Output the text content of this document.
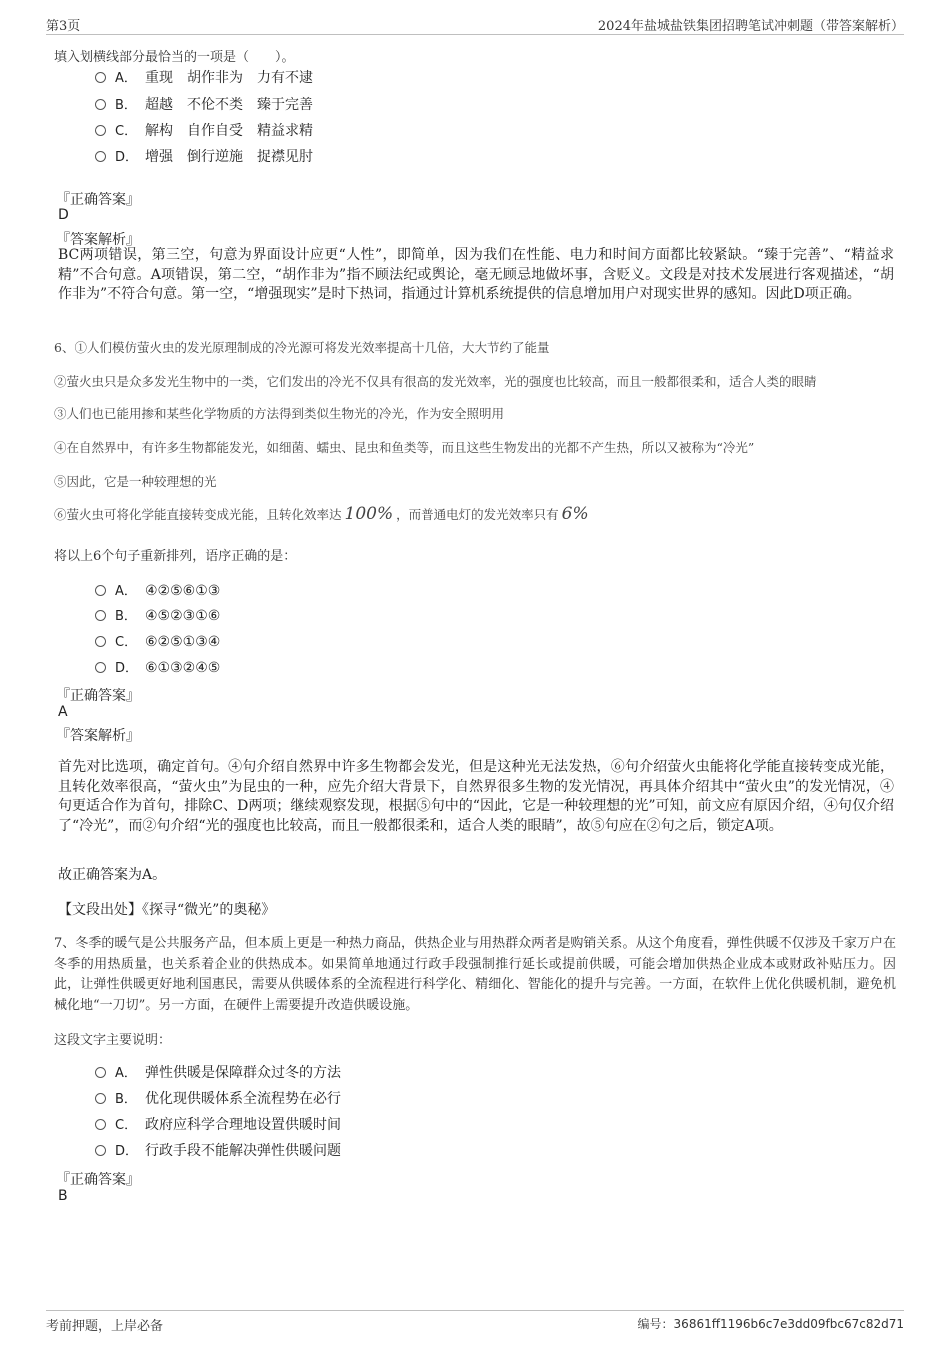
第3页	2024年盐城盐铁集团招聘笔试冲刺题（带答案解析）
填入划横线部分最恰当的一项是（　　）。
A． 重现　胡作非为　力有不逮
B． 超越　不伦不类　臻于完善
C． 解构　自作自受　精益求精
D． 增强　倒行逆施　捉襟见肘
『正确答案』
D
『答案解析』
BC两项错误，第三空，句意为界面设计应更“人性”，即简单，因为我们在性能、电力和时间方面都比较紧缺。“臻于完善”、“精益求精”不合句意。A项错误，第二空，“胡作非为”指不顾法纪或舆论，毫无顾忌地做坏事，含贬义。文段是对技术发展进行客观描述，“胡作非为”不符合句意。第一空，“增强现实”是时下热词，指通过计算机系统提供的信息增加用户对现实世界的感知。因此D项正确。
6、①人们模仿萤火虫的发光原理制成的冷光源可将发光效率提高十几倍，大大节约了能量
②萤火虫只是众多发光生物中的一类，它们发出的冷光不仅具有很高的发光效率，光的强度也比较高，而且一般都很柔和，适合人类的眼睛
③人们也已能用掺和某些化学物质的方法得到类似生物光的冷光，作为安全照明用
④在自然界中，有许多生物都能发光，如细菌、蠕虫、昆虫和鱼类等，而且这些生物发出的光都不产生热，所以又被称为“冷光”
⑤因此，它是一种较理想的光
⑥萤火虫可将化学能直接转变成光能，且转化效率达 100% ，而普通电灯的发光效率只有 6%
将以上6个句子重新排列，语序正确的是：
A． ④②⑤⑥①③
B． ④⑤②③①⑥
C． ⑥②⑤①③④
D． ⑥①③②④⑤
『正确答案』
A
『答案解析』
首先对比选项，确定首句。④句介绍自然界中许多生物都会发光，但是这种光无法发热，⑥句介绍萤火虫能将化学能直接转变成光能，且转化效率很高，“萤火虫”为昆虫的一种，应先介绍大背景下，自然界很多生物的发光情况，再具体介绍其中“萤火虫”的发光情况，④句更适合作为首句，排除C、D两项；继续观察发现，根据⑤句中的“因此，它是一种较理想的光”可知，前文应有原因介绍，④句仅介绍了“冷光”，而②句介绍“光的强度也比较高，而且一般都很柔和，适合人类的眼睛”，故⑤句应在②句之后，锁定A项。
故正确答案为A。
【文段出处】《探寻“微光”的奥秘》
7、冬季的暖气是公共服务产品，但本质上更是一种热力商品，供热企业与用热群众两者是购销关系。从这个角度看，弹性供暖不仅涉及千家万户在冬季的用热质量，也关系着企业的供热成本。如果简单地通过行政手段强制推行延长或提前供暖，可能会增加供热企业成本或财政补贴压力。因此，让弹性供暖更好地利国惠民，需要从供暖体系的全流程进行科学化、精细化、智能化的提升与完善。一方面，在软件上优化供暖机制，避免机械化地“一刀切”。另一方面，在硬件上需要提升改造供暖设施。
这段文字主要说明：
A． 弹性供暖是保障群众过冬的方法
B． 优化现供暖体系全流程势在必行
C． 政府应科学合理地设置供暖时间
D． 行政手段不能解决弹性供暖问题
『正确答案』
B
考前押题，上岸必备	编号：36861ff1196b6c7e3dd09fbc67c82d71
